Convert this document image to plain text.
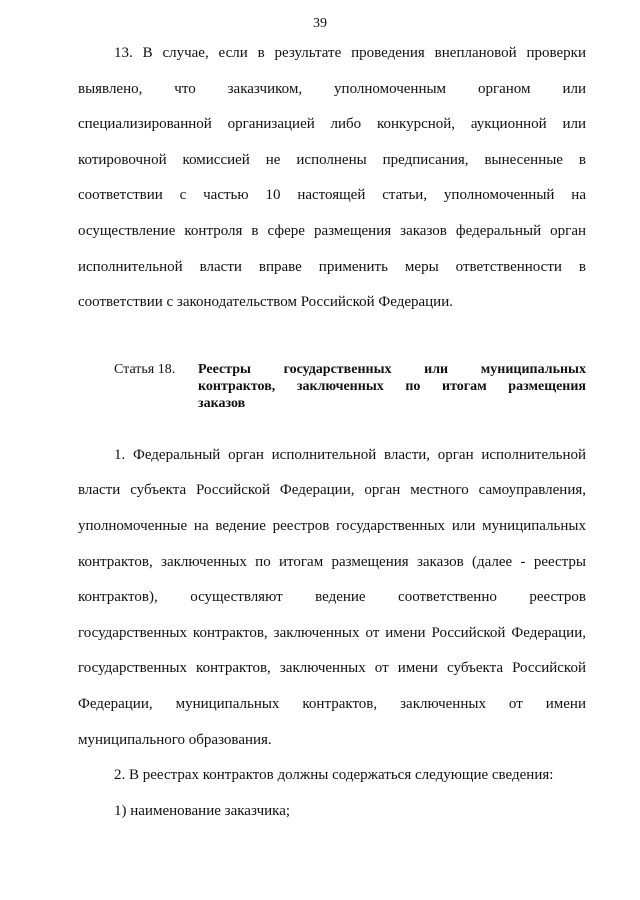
39

13. В случае, если в результате проведения внеплановой проверки
выявлено, что заказчиком, уполномоченным органом или
специализированной организацией либо конкурсной, аукционной или
котировочной комиссией не исполнены предписания, вынесенные в
соответствии с частью 10 настоящей статьи, уполномоченный на
осуществление контроля в сфере размещения заказов федеральный орган
исполнительной власти вправе применить меры ответственности в
соответствии с законодательством Российской Федерации.

Статья 18. Реестры государственных или муниципальных
контрактов, заключенных по итогам размещения
заказов

1. Федеральный орган исполнительной власти, орган исполнительной
власти субъекта Российской Федерации, орган местного самоуправления,
уполномоченные на ведение реестров государственных или муниципальных
контрактов, заключенных по итогам размещения заказов (далее - реестры
контрактов), осуществляют ведение соответственно реестров
государственных контрактов, заключенных от имени Российской Федерации,
государственных контрактов, заключенных от имени субъекта Российской
Федерации, муниципальных контрактов, заключенных от имени
муниципального образования.

2. В реестрах контрактов должны содержаться следующие сведения:

1) наименование заказчика;
